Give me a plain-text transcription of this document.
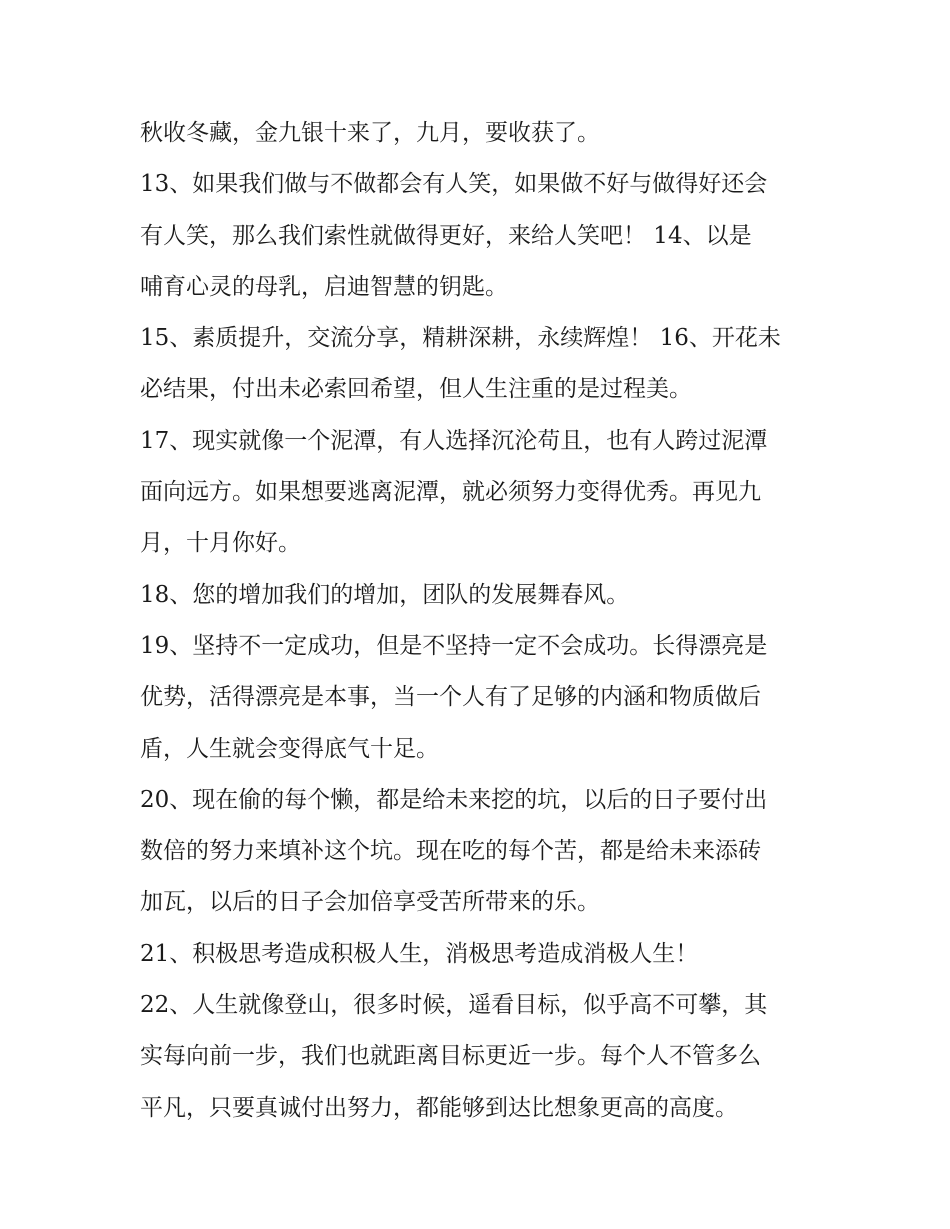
秋收冬藏，金九银十来了，九月，要收获了。
13、如果我们做与不做都会有人笑，如果做不好与做得好还会
有人笑，那么我们索性就做得更好，来给人笑吧！ 14、以是
哺育心灵的母乳，启迪智慧的钥匙。
15、素质提升，交流分享，精耕深耕，永续辉煌！ 16、开花未
必结果，付出未必索回希望，但人生注重的是过程美。
17、现实就像一个泥潭，有人选择沉沦苟且，也有人跨过泥潭
面向远方。如果想要逃离泥潭，就必须努力变得优秀。再见九
月，十月你好。
18、您的增加我们的增加，团队的发展舞春风。
19、坚持不一定成功，但是不坚持一定不会成功。长得漂亮是
优势，活得漂亮是本事，当一个人有了足够的内涵和物质做后
盾，人生就会变得底气十足。
20、现在偷的每个懒，都是给未来挖的坑，以后的日子要付出
数倍的努力来填补这个坑。现在吃的每个苦，都是给未来添砖
加瓦，以后的日子会加倍享受苦所带来的乐。
21、积极思考造成积极人生，消极思考造成消极人生！
22、人生就像登山，很多时候，遥看目标，似乎高不可攀，其
实每向前一步，我们也就距离目标更近一步。每个人不管多么
平凡，只要真诚付出努力，都能够到达比想象更高的高度。
